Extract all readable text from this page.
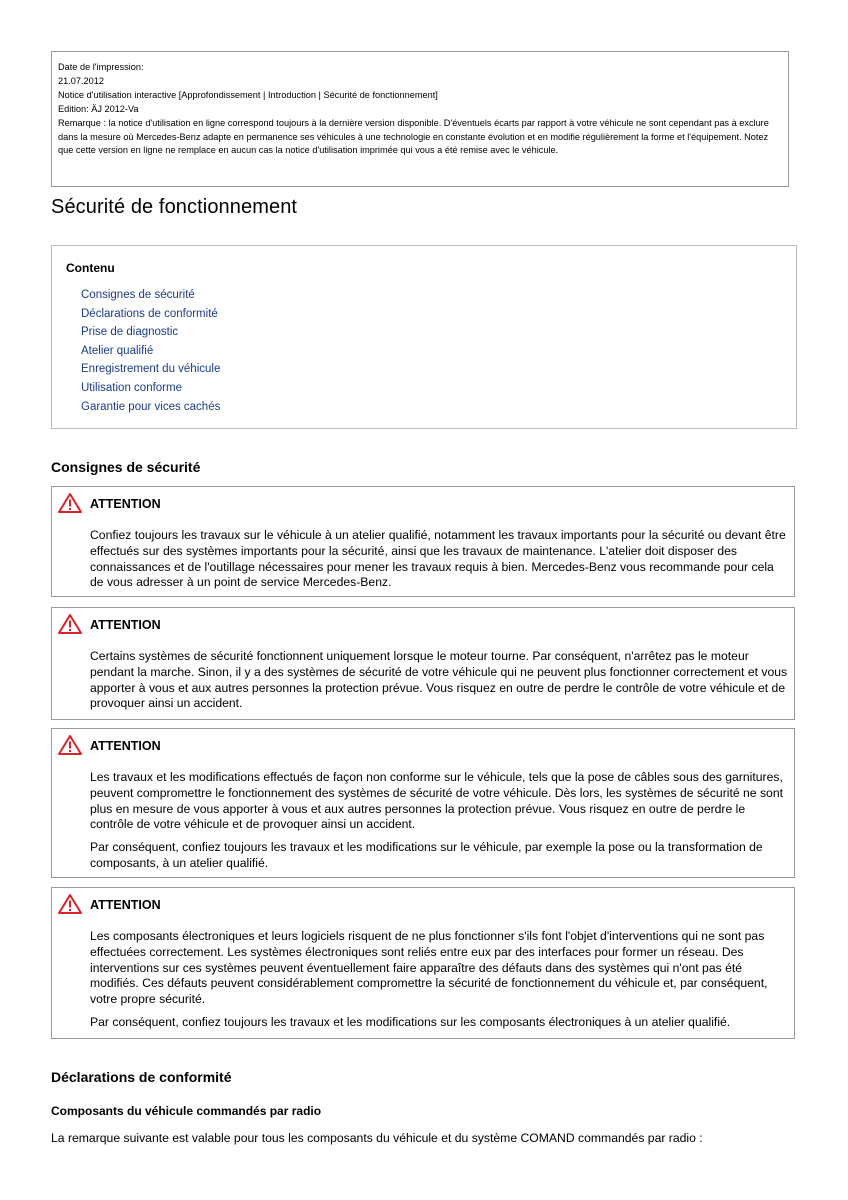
Date de l'impression:
21.07.2012
Notice d'utilisation interactive [Approfondissement | Introduction | Sécurité de fonctionnement]
Edition: ÄJ 2012-Va
Remarque : la notice d'utilisation en ligne correspond toujours à la dernière version disponible. D'éventuels écarts par rapport à votre véhicule ne sont cependant pas à exclure dans la mesure où Mercedes-Benz adapte en permanence ses véhicules à une technologie en constante évolution et en modifie régulièrement la forme et l'équipement. Notez que cette version en ligne ne remplace en aucun cas la notice d'utilisation imprimée qui vous a été remise avec le véhicule.
Sécurité de fonctionnement
Contenu
Consignes de sécurité
Déclarations de conformité
Prise de diagnostic
Atelier qualifié
Enregistrement du véhicule
Utilisation conforme
Garantie pour vices cachés
Consignes de sécurité
ATTENTION

Confiez toujours les travaux sur le véhicule à un atelier qualifié, notamment les travaux importants pour la sécurité ou devant être effectués sur des systèmes importants pour la sécurité, ainsi que les travaux de maintenance. L'atelier doit disposer des connaissances et de l'outillage nécessaires pour mener les travaux requis à bien. Mercedes-Benz vous recommande pour cela de vous adresser à un point de service Mercedes-Benz.

ATTENTION

Certains systèmes de sécurité fonctionnent uniquement lorsque le moteur tourne. Par conséquent, n'arrêtez pas le moteur pendant la marche. Sinon, il y a des systèmes de sécurité de votre véhicule qui ne peuvent plus fonctionner correctement et vous apporter à vous et aux autres personnes la protection prévue. Vous risquez en outre de perdre le contrôle de votre véhicule et de provoquer ainsi un accident.

ATTENTION

Les travaux et les modifications effectués de façon non conforme sur le véhicule, tels que la pose de câbles sous des garnitures, peuvent compromettre le fonctionnement des systèmes de sécurité de votre véhicule. Dès lors, les systèmes de sécurité ne sont plus en mesure de vous apporter à vous et aux autres personnes la protection prévue. Vous risquez en outre de perdre le contrôle de votre véhicule et de provoquer ainsi un accident.

Par conséquent, confiez toujours les travaux et les modifications sur le véhicule, par exemple la pose ou la transformation de composants, à un atelier qualifié.

ATTENTION

Les composants électroniques et leurs logiciels risquent de ne plus fonctionner s'ils font l'objet d'interventions qui ne sont pas effectuées correctement. Les systèmes électroniques sont reliés entre eux par des interfaces pour former un réseau. Des interventions sur ces systèmes peuvent éventuellement faire apparaître des défauts dans des systèmes qui n'ont pas été modifiés. Ces défauts peuvent considérablement compromettre la sécurité de fonctionnement du véhicule et, par conséquent, votre propre sécurité.

Par conséquent, confiez toujours les travaux et les modifications sur les composants électroniques à un atelier qualifié.

Déclarations de conformité
Composants du véhicule commandés par radio

La remarque suivante est valable pour tous les composants du véhicule et du système COMAND commandés par radio :
